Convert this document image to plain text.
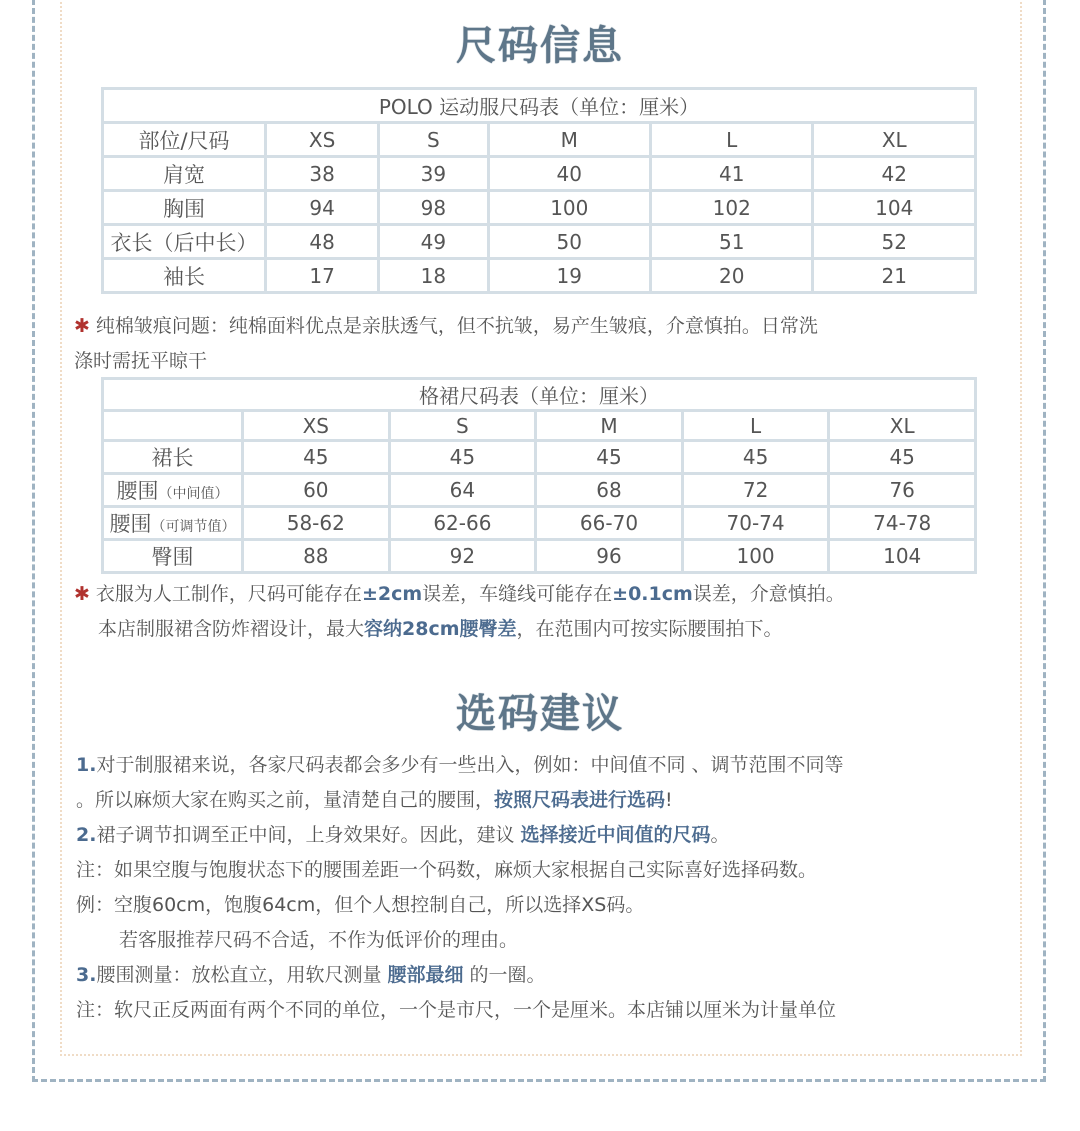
尺码信息
POLO 运动服尺码表（单位：厘米）					
部位/尺码	XS	S	M	L	XL
肩宽	38	39	40	41	42
胸围	94	98	100	102	104
衣长（后中长）	48	49	50	51	52
袖长	17	18	19	20	21
✱ 纯棉皱痕问题：纯棉面料优点是亲肤透气，但不抗皱，易产生皱痕，介意慎拍。日常洗
涤时需抚平晾干
格裙尺码表（单位：厘米）					
	XS	S	M	L	XL
裙长	45	45	45	45	45
腰围（中间值）	60	64	68	72	76
腰围（可调节值）	58-62	62-66	66-70	70-74	74-78
臀围	88	92	96	100	104
✱ 衣服为人工制作，尺码可能存在±2cm误差，车缝线可能存在±0.1cm误差，介意慎拍。
本店制服裙含防炸褶设计，最大容纳28cm腰臀差，在范围内可按实际腰围拍下。
选码建议
1.对于制服裙来说，各家尺码表都会多少有一些出入，例如：中间值不同 、调节范围不同等
。所以麻烦大家在购买之前，量清楚自己的腰围，按照尺码表进行选码!
2.裙子调节扣调至正中间，上身效果好。因此，建议 选择接近中间值的尺码。
注：如果空腹与饱腹状态下的腰围差距一个码数，麻烦大家根据自己实际喜好选择码数。
例：空腹60cm，饱腹64cm，但个人想控制自己，所以选择XS码。
若客服推荐尺码不合适，不作为低评价的理由。
3.腰围测量：放松直立，用软尺测量 腰部最细 的一圈。
注：软尺正反两面有两个不同的单位，一个是市尺，一个是厘米。本店铺以厘米为计量单位
